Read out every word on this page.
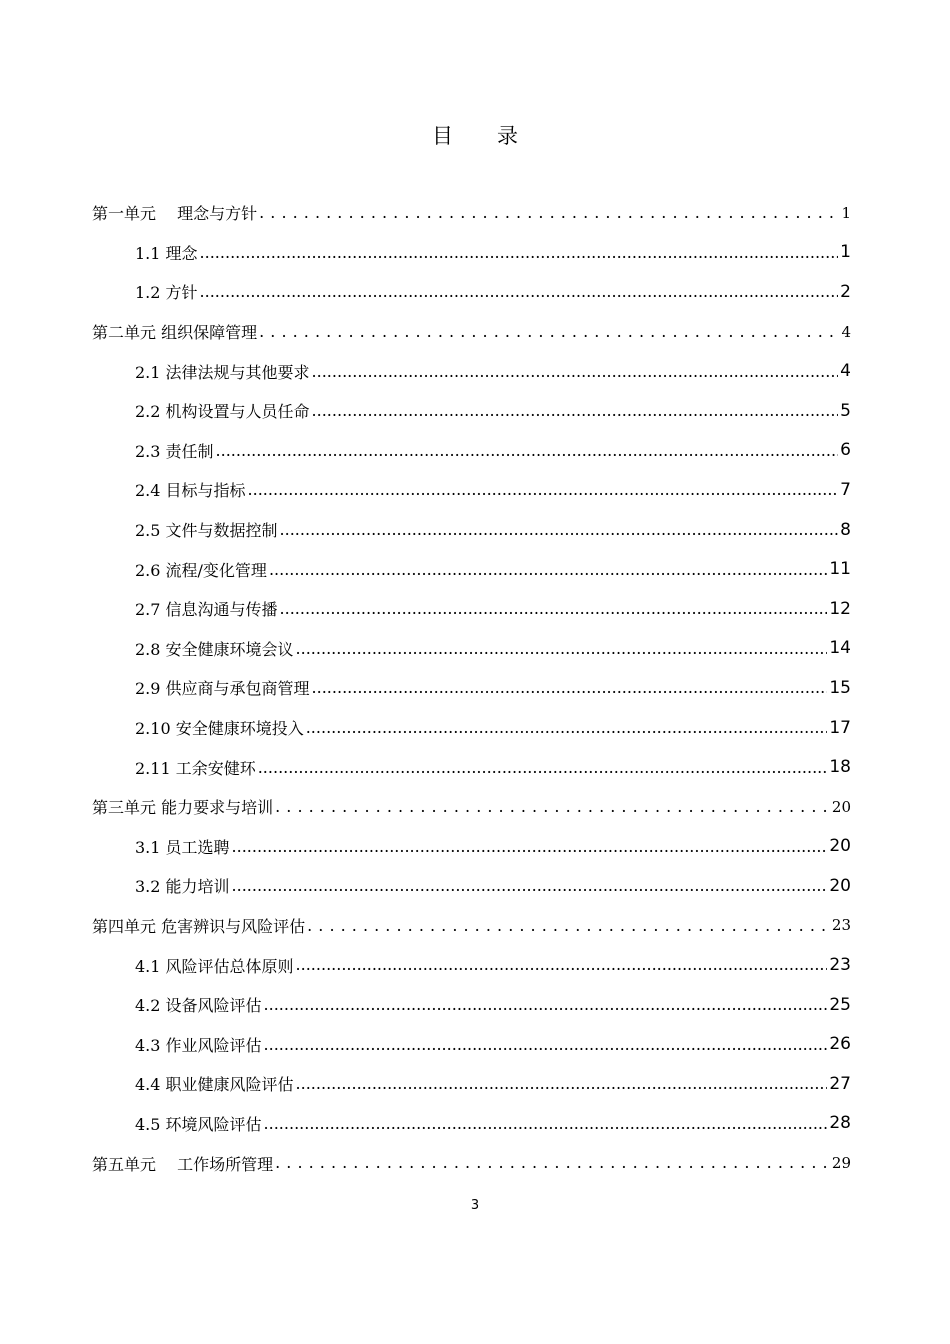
目 录
第一单元　 理念与方针 . . .	1
1.1 理念 .....	1
1.2 方针 .....	2
第二单元 组织保障管理 . . .	4
2.1 法律法规与其他要求 .....	4
2.2 机构设置与人员任命 .....	5
2.3 责任制 .....	6
2.4 目标与指标 .....	7
2.5 文件与数据控制 .....	8
2.6 流程/变化管理 .....	11
2.7 信息沟通与传播 .....	12
2.8 安全健康环境会议 .....	14
2.9 供应商与承包商管理 .....	15
2.10 安全健康环境投入 .....	17
2.11 工余安健环 .....	18
第三单元 能力要求与培训 . . .	20
3.1 员工选聘 .....	20
3.2 能力培训 .....	20
第四单元 危害辨识与风险评估 . . .	23
4.1 风险评估总体原则 .....	23
4.2 设备风险评估 .....	25
4.3 作业风险评估 .....	26
4.4 职业健康风险评估 .....	27
4.5 环境风险评估 .....	28
第五单元　 工作场所管理 . . .	29
3
